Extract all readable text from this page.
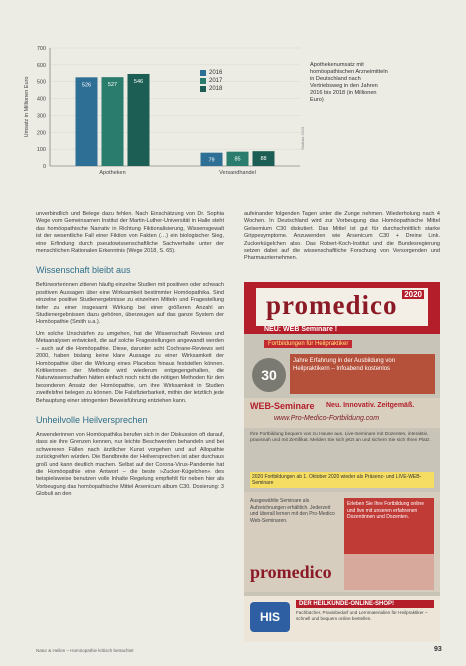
0
100
200
300
400
500
600
700
Umsatz in Millionen Euro	526	527
546
Apotheken
79	85	88
Versandhandel
2016
2017
2018
Apothekenumsatz mit homöopathischen Arzneimitteln in Deutschland nach Vertriebsweg in den Jahren 2016 bis 2018 (in Millionen Euro)
Statista 2019

unverbindlich und Belege dazu fehlen. Nach Einschätzung von Dr. Sophia Wege vom Gemeinsamen Institut der Martin-Luther-Universität in Halle steht das homöopathische Narrativ in Richtung Fiktionalisierung, Wissensgewalt ist der wesentliche Fall einer Fiktion von Fakten (…) ein biologischer Sieg, eine Erfindung durch pseudowissenschaftliche Sachverhalte unter der menschlichen Rationalen Erkenntnis (Wege 2018, S. 65).

Wissenschaft bleibt aus

Befürworterinnen zitieren häufig einzelne Studien mit positiven oder schwach positiven Aussagen über eine Wirksamkeit bestimmter Homöopathika. Sind einzelne positive Studienergebnisse zu einzelnen Mitteln und Fragestellung tiefer zu einer insgesamt Wirkung bei einer größeren Anzahl an Studienergebnissen dazu gehören, überzeugen auf das ganze System der Homöopathie (Smith u.a.).

Um solche Unschärfen zu umgehen, hat die Wissenschaft Reviews und Metaanalysen entwickelt, die auf solche Fragestellungen angewandt werden – auch auf die Homöopathie. Diese, darunter acht Cochrane-Reviews seit 2000, haben bislang keine klare Aussage zu einer Wirksamkeit der Homöopathie über die Wirkung eines Placebos hinaus feststellen können. Kritikerinnen der Methode wird wiederum entgegengehalten, die Naturwissenschaften hätten einfach noch nicht die nötigen Methoden für den besonderen Ansatz der Homöopathie, um ihre Wirksamkeit in Studien zweifelsfrei belegen zu können. Die Falsifizierbarkeit, mithin der letztlich jede Behauptung einer stringenten Beweisführung entziehen kann.

Unheilvolle Heilversprechen

Anwenderinnen von Homöopathika berufen sich in der Diskussion oft darauf, dass sie ihre Grenzen kennen, nur leichte Beschwerden behandeln und bei schwereren Fällen nach ärztlicher Kunst vorgehen und auf Allopathie zurückgreifen würden. Die Bandbreite der Heilversprechen ist aber durchaus groß und kann deutlich machen. Selbst auf der Corona-Virus-Pandemie hat die Homöopathie eine Antwort – die beste »Zucker-Kügelchen« des beispielsweise benutzen volle Inhalte Regelung empfiehlt für neben hier als Vorbeugung das homöopathische Mittel Arsenicum album C30. Dosierung: 3 Globuli an den

aufeinander folgenden Tagen unter die Zunge nehmen. Wiederholung nach 4 Wochen. In Deutschland wird zur Vorbeugung das Homöopathische Mittel Gelsemium C30 diskutiert. Das Mittel ist gut für durchschnittlich starke Grippesymptome. Anzuwenden wie Arsenicum C30 + Dreine Link. Zuckerkügelchen also. Das Robert-Koch-Institut und die Bundesregierung setzen dabei auf die wissenschaftliche Forschung von Versorgenden und Pharmaunternehmen.

promedico 2020
NEU: WEB Seminare !
Fortbildungen für Heilpraktiker
30
Jahre Erfahrung in der Ausbildung von Heilpraktikern – Infoabend kostenlos
WEB-Seminare Neu. Innovativ. Zeitgemäß.
www.Pro-Medico-Fortbildung.com
Ihre Fortbildung bequem von zu Hause aus. Live-Seminare mit Dozenten, interaktiv, praxisnah und mit Zertifikat. Melden Sie sich jetzt an und sichern Sie sich Ihren Platz.
2020 Fortbildungen ab 1. Oktober 2020 wieder als Präsenz- und LIVE-WEB-Seminare
Ausgewählte Seminare als Aufzeichnungen erhältlich. Jederzeit und überall lernen mit den Pro-Medico Web-Seminaren.
promedico
Erleben Sie Ihre Fortbildung online und live mit unseren erfahrenen Dozentinnen und Dozenten.
HIS
DER HEILKUNDE-ONLINE-SHOP!
Fachbücher, Praxisbedarf und Lernmaterialien für Heilpraktiker – schnell und bequem online bestellen.
Natur & Heilen – Homöopathie kritisch betrachtet	93
